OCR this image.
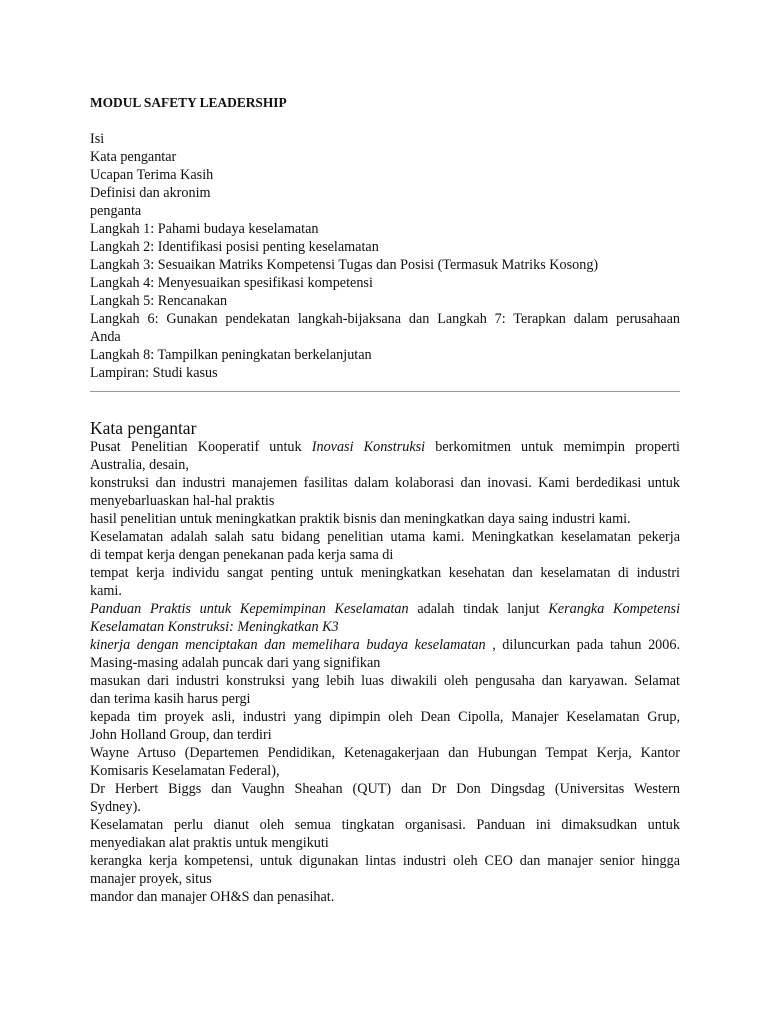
MODUL SAFETY LEADERSHIP
Isi
Kata pengantar
Ucapan Terima Kasih
Definisi dan akronim
penganta
Langkah 1: Pahami budaya keselamatan
Langkah 2: Identifikasi posisi penting keselamatan
Langkah 3: Sesuaikan Matriks Kompetensi Tugas dan Posisi (Termasuk Matriks Kosong)
Langkah 4: Menyesuaikan spesifikasi kompetensi
Langkah 5: Rencanakan
Langkah 6: Gunakan pendekatan langkah-bijaksana dan Langkah 7: Terapkan dalam perusahaan
Anda
Langkah 8: Tampilkan peningkatan berkelanjutan
Lampiran: Studi kasus
Kata pengantar
Pusat Penelitian Kooperatif untuk Inovasi Konstruksi berkomitmen untuk memimpin properti
Australia, desain,
konstruksi dan industri manajemen fasilitas dalam kolaborasi dan inovasi. Kami berdedikasi untuk
menyebarluaskan hal-hal praktis
hasil penelitian untuk meningkatkan praktik bisnis dan meningkatkan daya saing industri kami.
Keselamatan adalah salah satu bidang penelitian utama kami. Meningkatkan keselamatan pekerja
di tempat kerja dengan penekanan pada kerja sama di
tempat kerja individu sangat penting untuk meningkatkan kesehatan dan keselamatan di industri
kami.
Panduan Praktis untuk Kepemimpinan Keselamatan adalah tindak lanjut Kerangka Kompetensi
Keselamatan Konstruksi: Meningkatkan K3
kinerja dengan menciptakan dan memelihara budaya keselamatan , diluncurkan pada tahun 2006.
Masing-masing adalah puncak dari yang signifikan
masukan dari industri konstruksi yang lebih luas diwakili oleh pengusaha dan karyawan. Selamat
dan terima kasih harus pergi
kepada tim proyek asli, industri yang dipimpin oleh Dean Cipolla, Manajer Keselamatan Grup,
John Holland Group, dan terdiri
Wayne Artuso (Departemen Pendidikan, Ketenagakerjaan dan Hubungan Tempat Kerja, Kantor
Komisaris Keselamatan Federal),
Dr Herbert Biggs dan Vaughn Sheahan (QUT) dan Dr Don Dingsdag (Universitas Western
Sydney).
Keselamatan perlu dianut oleh semua tingkatan organisasi. Panduan ini dimaksudkan untuk
menyediakan alat praktis untuk mengikuti
kerangka kerja kompetensi, untuk digunakan lintas industri oleh CEO dan manajer senior hingga
manajer proyek, situs
mandor dan manajer OH&S dan penasihat.
